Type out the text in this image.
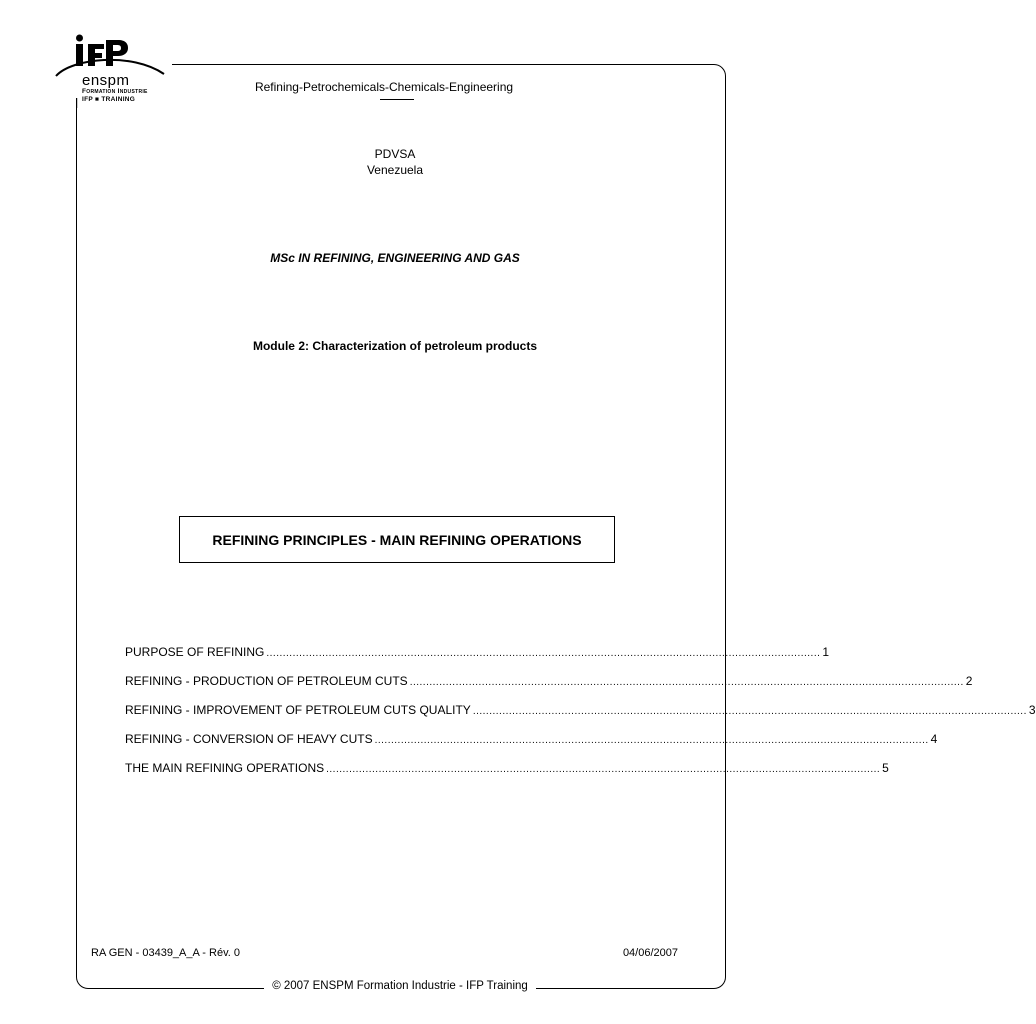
enspm
Formation Industrie
IFP ■ TRAINING
Refining-Petrochemicals-Chemicals-Engineering
PDVSA
Venezuela
MSc IN REFINING, ENGINEERING AND GAS
Module 2: Characterization of petroleum products
REFINING PRINCIPLES - MAIN REFINING OPERATIONS
PURPOSE OF REFINING ......................................................................................................................................................................... 1
REFINING - PRODUCTION OF PETROLEUM CUTS ......................................................................................................................................................................... 2
REFINING - IMPROVEMENT OF PETROLEUM CUTS QUALITY ......................................................................................................................................................................... 3
REFINING - CONVERSION OF HEAVY CUTS ......................................................................................................................................................................... 4
THE MAIN REFINING OPERATIONS ......................................................................................................................................................................... 5
RA GEN - 03439_A_A - Rév. 0	04/06/2007
© 2007 ENSPM Formation Industrie - IFP Training
